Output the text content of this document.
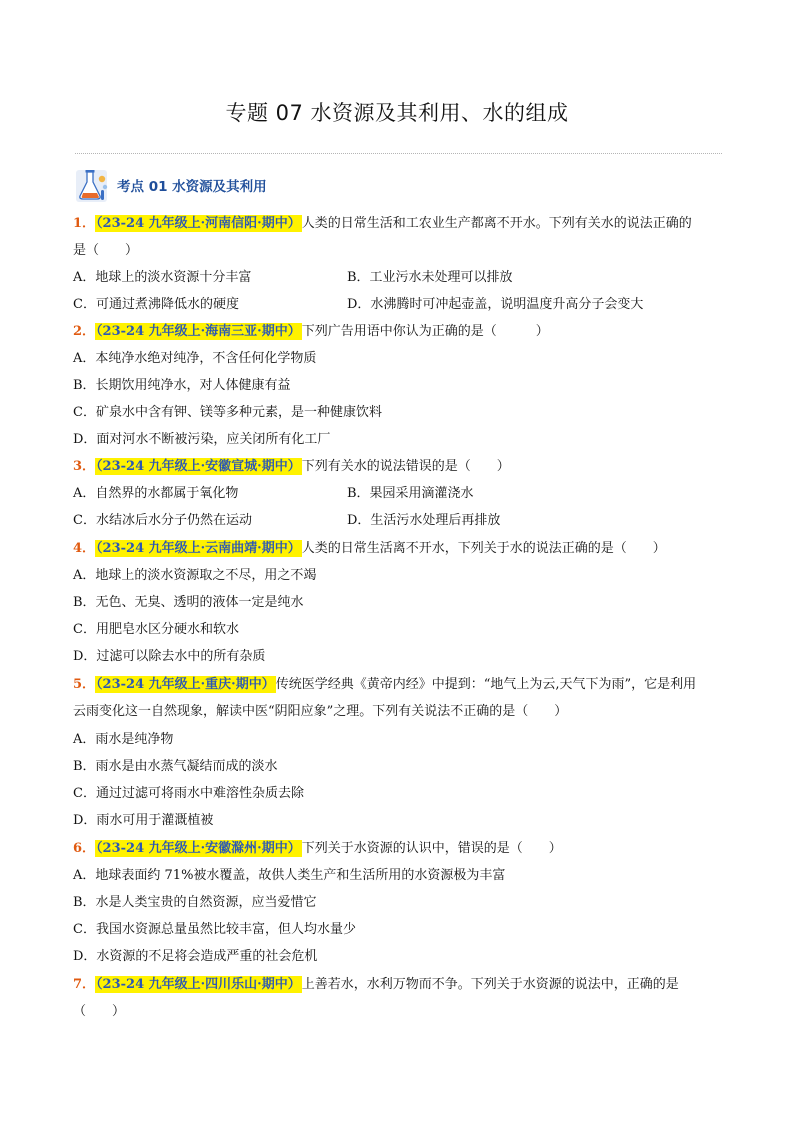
专题 07 水资源及其利用、水的组成
考点 01 水资源及其利用
1．（23-24 九年级上·河南信阳·期中）人类的日常生活和工农业生产都离不开水。下列有关水的说法正确的
是（　　）
A．地球上的淡水资源十分丰富	B．工业污水未处理可以排放
C．可通过煮沸降低水的硬度	D．水沸腾时可冲起壶盖，说明温度升高分子会变大
2．（23-24 九年级上·海南三亚·期中）下列广告用语中你认为正确的是（　　　）
A．本纯净水绝对纯净，不含任何化学物质
B．长期饮用纯净水，对人体健康有益
C．矿泉水中含有钾、镁等多种元素，是一种健康饮料
D．面对河水不断被污染，应关闭所有化工厂
3．（23-24 九年级上·安徽宣城·期中）下列有关水的说法错误的是（　　）
A．自然界的水都属于氧化物	B．果园采用滴灌浇水
C．水结冰后水分子仍然在运动	D．生活污水处理后再排放
4．（23-24 九年级上·云南曲靖·期中）人类的日常生活离不开水，下列关于水的说法正确的是（　　）
A．地球上的淡水资源取之不尽，用之不竭
B．无色、无臭、透明的液体一定是纯水
C．用肥皂水区分硬水和软水
D．过滤可以除去水中的所有杂质
5．（23-24 九年级上·重庆·期中）传统医学经典《黄帝内经》中提到：“地气上为云,天气下为雨”，它是利用
云雨变化这一自然现象，解读中医“阴阳应象”之理。下列有关说法不正确的是（　　）
A．雨水是纯净物
B．雨水是由水蒸气凝结而成的淡水
C．通过过滤可将雨水中难溶性杂质去除
D．雨水可用于灌溉植被
6．（23-24 九年级上·安徽滁州·期中）下列关于水资源的认识中，错误的是（　　）
A．地球表面约 71%被水覆盖，故供人类生产和生活所用的水资源极为丰富
B．水是人类宝贵的自然资源，应当爱惜它
C．我国水资源总量虽然比较丰富，但人均水量少
D．水资源的不足将会造成严重的社会危机
7．（23-24 九年级上·四川乐山·期中）上善若水，水利万物而不争。下列关于水资源的说法中，正确的是
（　　）
